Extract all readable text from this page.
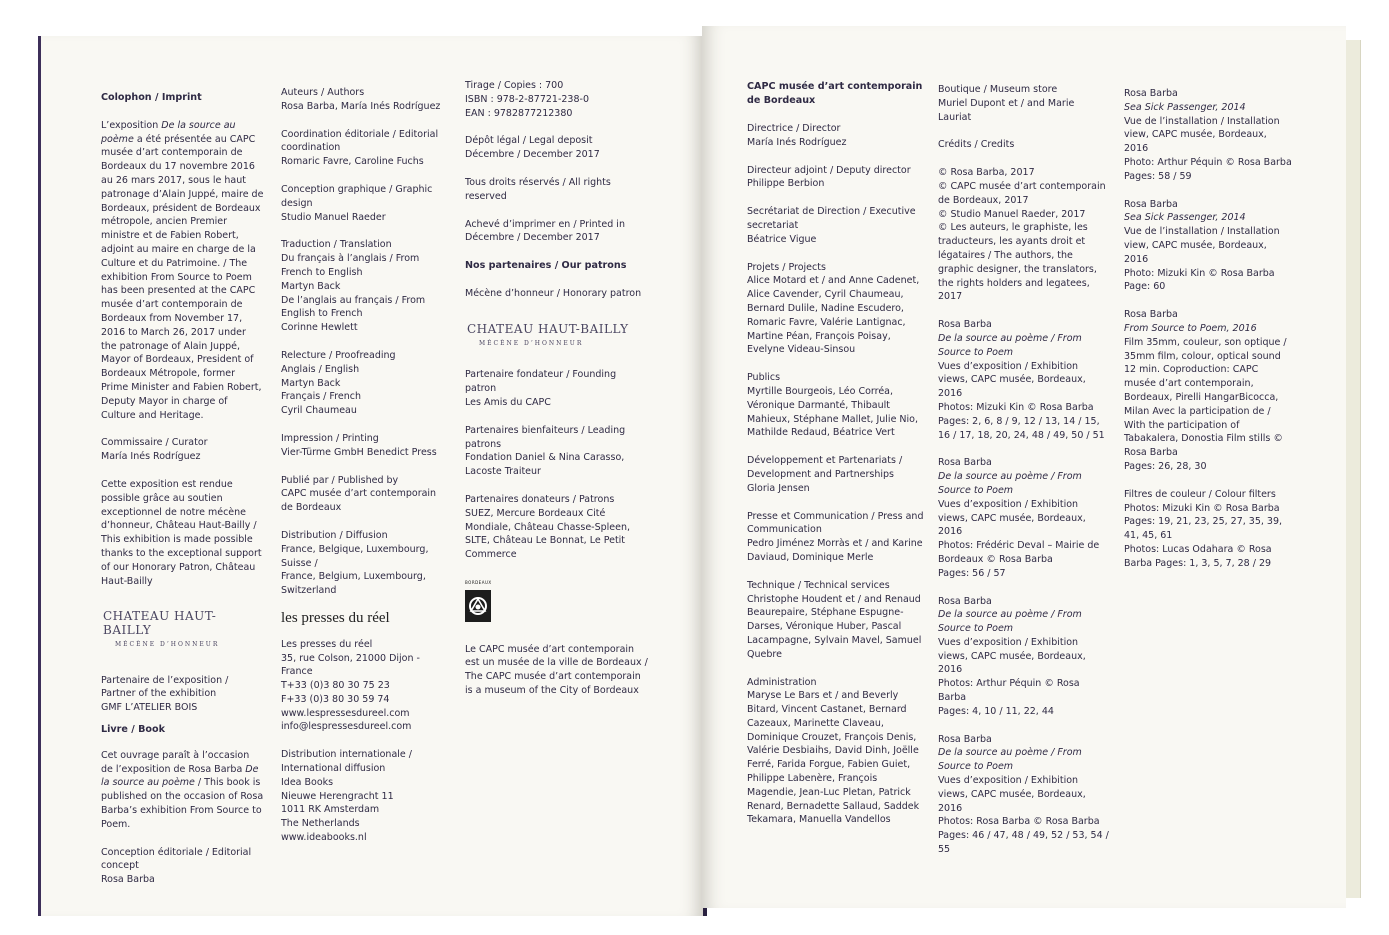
Colophon / Imprint

L’exposition De la source au poème a été présentée au CAPC musée d’art contemporain de Bordeaux du 17 novembre 2016 au 26 mars 2017, sous le haut patronage d’Alain Juppé, maire de Bordeaux, président de Bordeaux métropole, ancien Premier ministre et de Fabien Robert, adjoint au maire en charge de la Culture et du Patrimoine. / The exhibition From Source to Poem has been presented at the CAPC musée d’art contemporain de Bordeaux from November 17, 2016 to March 26, 2017 under the patronage of Alain Juppé, Mayor of Bordeaux, President of Bordeaux Métropole, former Prime Minister and Fabien Robert, Deputy Mayor in charge of Culture and Heritage.

Commissaire / Curator
María Inés Rodríguez

Cette exposition est rendue possible grâce au soutien exceptionnel de notre mécène d’honneur, Château Haut-Bailly / This exhibition is made possible thanks to the exceptional support of our Honorary Patron, Château Haut-Bailly

CHATEAU HAUT-BAILLY
MÉCÈNE D’HONNEUR

Partenaire de l’exposition / Partner of the exhibition
GMF L’ATELIER BOIS

Livre / Book

Cet ouvrage paraît à l’occasion de l’exposition de Rosa Barba De la source au poème / This book is published on the occasion of Rosa Barba’s exhibition From Source to Poem.

Conception éditoriale / Editorial concept
Rosa Barba

Auteurs / Authors
Rosa Barba, María Inés Rodríguez

Coordination éditoriale / Editorial coordination
Romaric Favre, Caroline Fuchs

Conception graphique / Graphic design
Studio Manuel Raeder

Traduction / Translation
Du français à l’anglais / From French to English
Martyn Back
De l’anglais au français / From English to French
Corinne Hewlett

Relecture / Proofreading
Anglais / English
Martyn Back
Français / French
Cyril Chaumeau

Impression / Printing
Vier-Türme GmbH Benedict Press

Publié par / Published by
CAPC musée d’art contemporain de Bordeaux

Distribution / Diffusion
France, Belgique, Luxembourg, Suisse /
France, Belgium, Luxembourg, Switzerland

les presses du réel

Les presses du réel
35, rue Colson, 21000 Dijon - France
T+33 (0)3 80 30 75 23
F+33 (0)3 80 30 59 74
www.lespressesdureel.com
info@lespressesdureel.com

Distribution internationale / International diffusion
Idea Books
Nieuwe Herengracht 11
1011 RK Amsterdam
The Netherlands
www.ideabooks.nl

Tirage / Copies : 700
ISBN : 978-2-87721-238-0
EAN : 9782877212380

Dépôt légal / Legal deposit
Décembre / December 2017

Tous droits réservés / All rights reserved

Achevé d’imprimer en / Printed in
Décembre / December 2017

Nos partenaires / Our patrons

Mécène d’honneur / Honorary patron

CHATEAU HAUT-BAILLY
MÉCÈNE D’HONNEUR

Partenaire fondateur / Founding patron
Les Amis du CAPC

Partenaires bienfaiteurs / Leading patrons
Fondation Daniel & Nina Carasso, Lacoste Traiteur

Partenaires donateurs / Patrons
SUEZ, Mercure Bordeaux Cité Mondiale, Château Chasse-Spleen, SLTE, Château Le Bonnat, Le Petit Commerce

BORDEAUX

Le CAPC musée d’art contemporain est un musée de la ville de Bordeaux / The CAPC musée d’art contemporain is a museum of the City of Bordeaux

CAPC musée d’art contemporain de Bordeaux

Directrice / Director
María Inés Rodríguez

Directeur adjoint / Deputy director
Philippe Berbion

Secrétariat de Direction / Executive secretariat
Béatrice Vigue

Projets / Projects
Alice Motard et / and Anne Cadenet, Alice Cavender, Cyril Chaumeau, Bernard Dulile, Nadine Escudero, Romaric Favre, Valérie Lantignac, Martine Péan, François Poisay, Evelyne Videau-Sinsou

Publics
Myrtille Bourgeois, Léo Corréa, Véronique Darmanté, Thibault Mahieux, Stéphane Mallet, Julie Nio, Mathilde Redaud, Béatrice Vert

Développement et Partenariats / Development and Partnerships
Gloria Jensen

Presse et Communication / Press and Communication
Pedro Jiménez Morràs et / and Karine Daviaud, Dominique Merle

Technique / Technical services
Christophe Houdent et / and Renaud Beaurepaire, Stéphane Espugne-Darses, Véronique Huber, Pascal Lacampagne, Sylvain Mavel, Samuel Quebre

Administration
Maryse Le Bars et / and Beverly Bitard, Vincent Castanet, Bernard Cazeaux, Marinette Claveau, Dominique Crouzet, François Denis, Valérie Desbiaihs, David Dinh, Joëlle Ferré, Farida Forgue, Fabien Guiet, Philippe Labenère, François Magendie, Jean-Luc Pletan, Patrick Renard, Bernadette Sallaud, Saddek Tekamara, Manuella Vandellos

Boutique / Museum store
Muriel Dupont et / and Marie Lauriat

Crédits / Credits

© Rosa Barba, 2017
© CAPC musée d’art contemporain de Bordeaux, 2017
© Studio Manuel Raeder, 2017
© Les auteurs, le graphiste, les traducteurs, les ayants droit et légataires / The authors, the graphic designer, the translators, the rights holders and legatees, 2017

Rosa Barba
De la source au poème / From Source to Poem
Vues d’exposition / Exhibition views, CAPC musée, Bordeaux, 2016
Photos: Mizuki Kin © Rosa Barba
Pages: 2, 6, 8 / 9, 12 / 13, 14 / 15, 16 / 17, 18, 20, 24, 48 / 49, 50 / 51

Rosa Barba
De la source au poème / From Source to Poem
Vues d’exposition / Exhibition views, CAPC musée, Bordeaux, 2016
Photos: Frédéric Deval – Mairie de Bordeaux © Rosa Barba
Pages: 56 / 57

Rosa Barba
De la source au poème / From Source to Poem
Vues d’exposition / Exhibition views, CAPC musée, Bordeaux, 2016
Photos: Arthur Péquin © Rosa Barba
Pages: 4, 10 / 11, 22, 44

Rosa Barba
De la source au poème / From Source to Poem
Vues d’exposition / Exhibition views, CAPC musée, Bordeaux, 2016
Photos: Rosa Barba © Rosa Barba
Pages: 46 / 47, 48 / 49, 52 / 53, 54 / 55

Rosa Barba
Sea Sick Passenger, 2014
Vue de l’installation / Installation view, CAPC musée, Bordeaux, 2016
Photo: Arthur Péquin © Rosa Barba
Pages: 58 / 59

Rosa Barba
Sea Sick Passenger, 2014
Vue de l’installation / Installation view, CAPC musée, Bordeaux, 2016
Photo: Mizuki Kin © Rosa Barba
Page: 60

Rosa Barba
From Source to Poem, 2016
Film 35mm, couleur, son optique / 35mm film, colour, optical sound 12 min. Coproduction: CAPC musée d’art contemporain, Bordeaux, Pirelli HangarBicocca, Milan Avec la participation de / With the participation of Tabakalera, Donostia Film stills © Rosa Barba
Pages: 26, 28, 30

Filtres de couleur / Colour filters
Photos: Mizuki Kin © Rosa Barba Pages: 19, 21, 23, 25, 27, 35, 39, 41, 45, 61
Photos: Lucas Odahara © Rosa Barba Pages: 1, 3, 5, 7, 28 / 29
